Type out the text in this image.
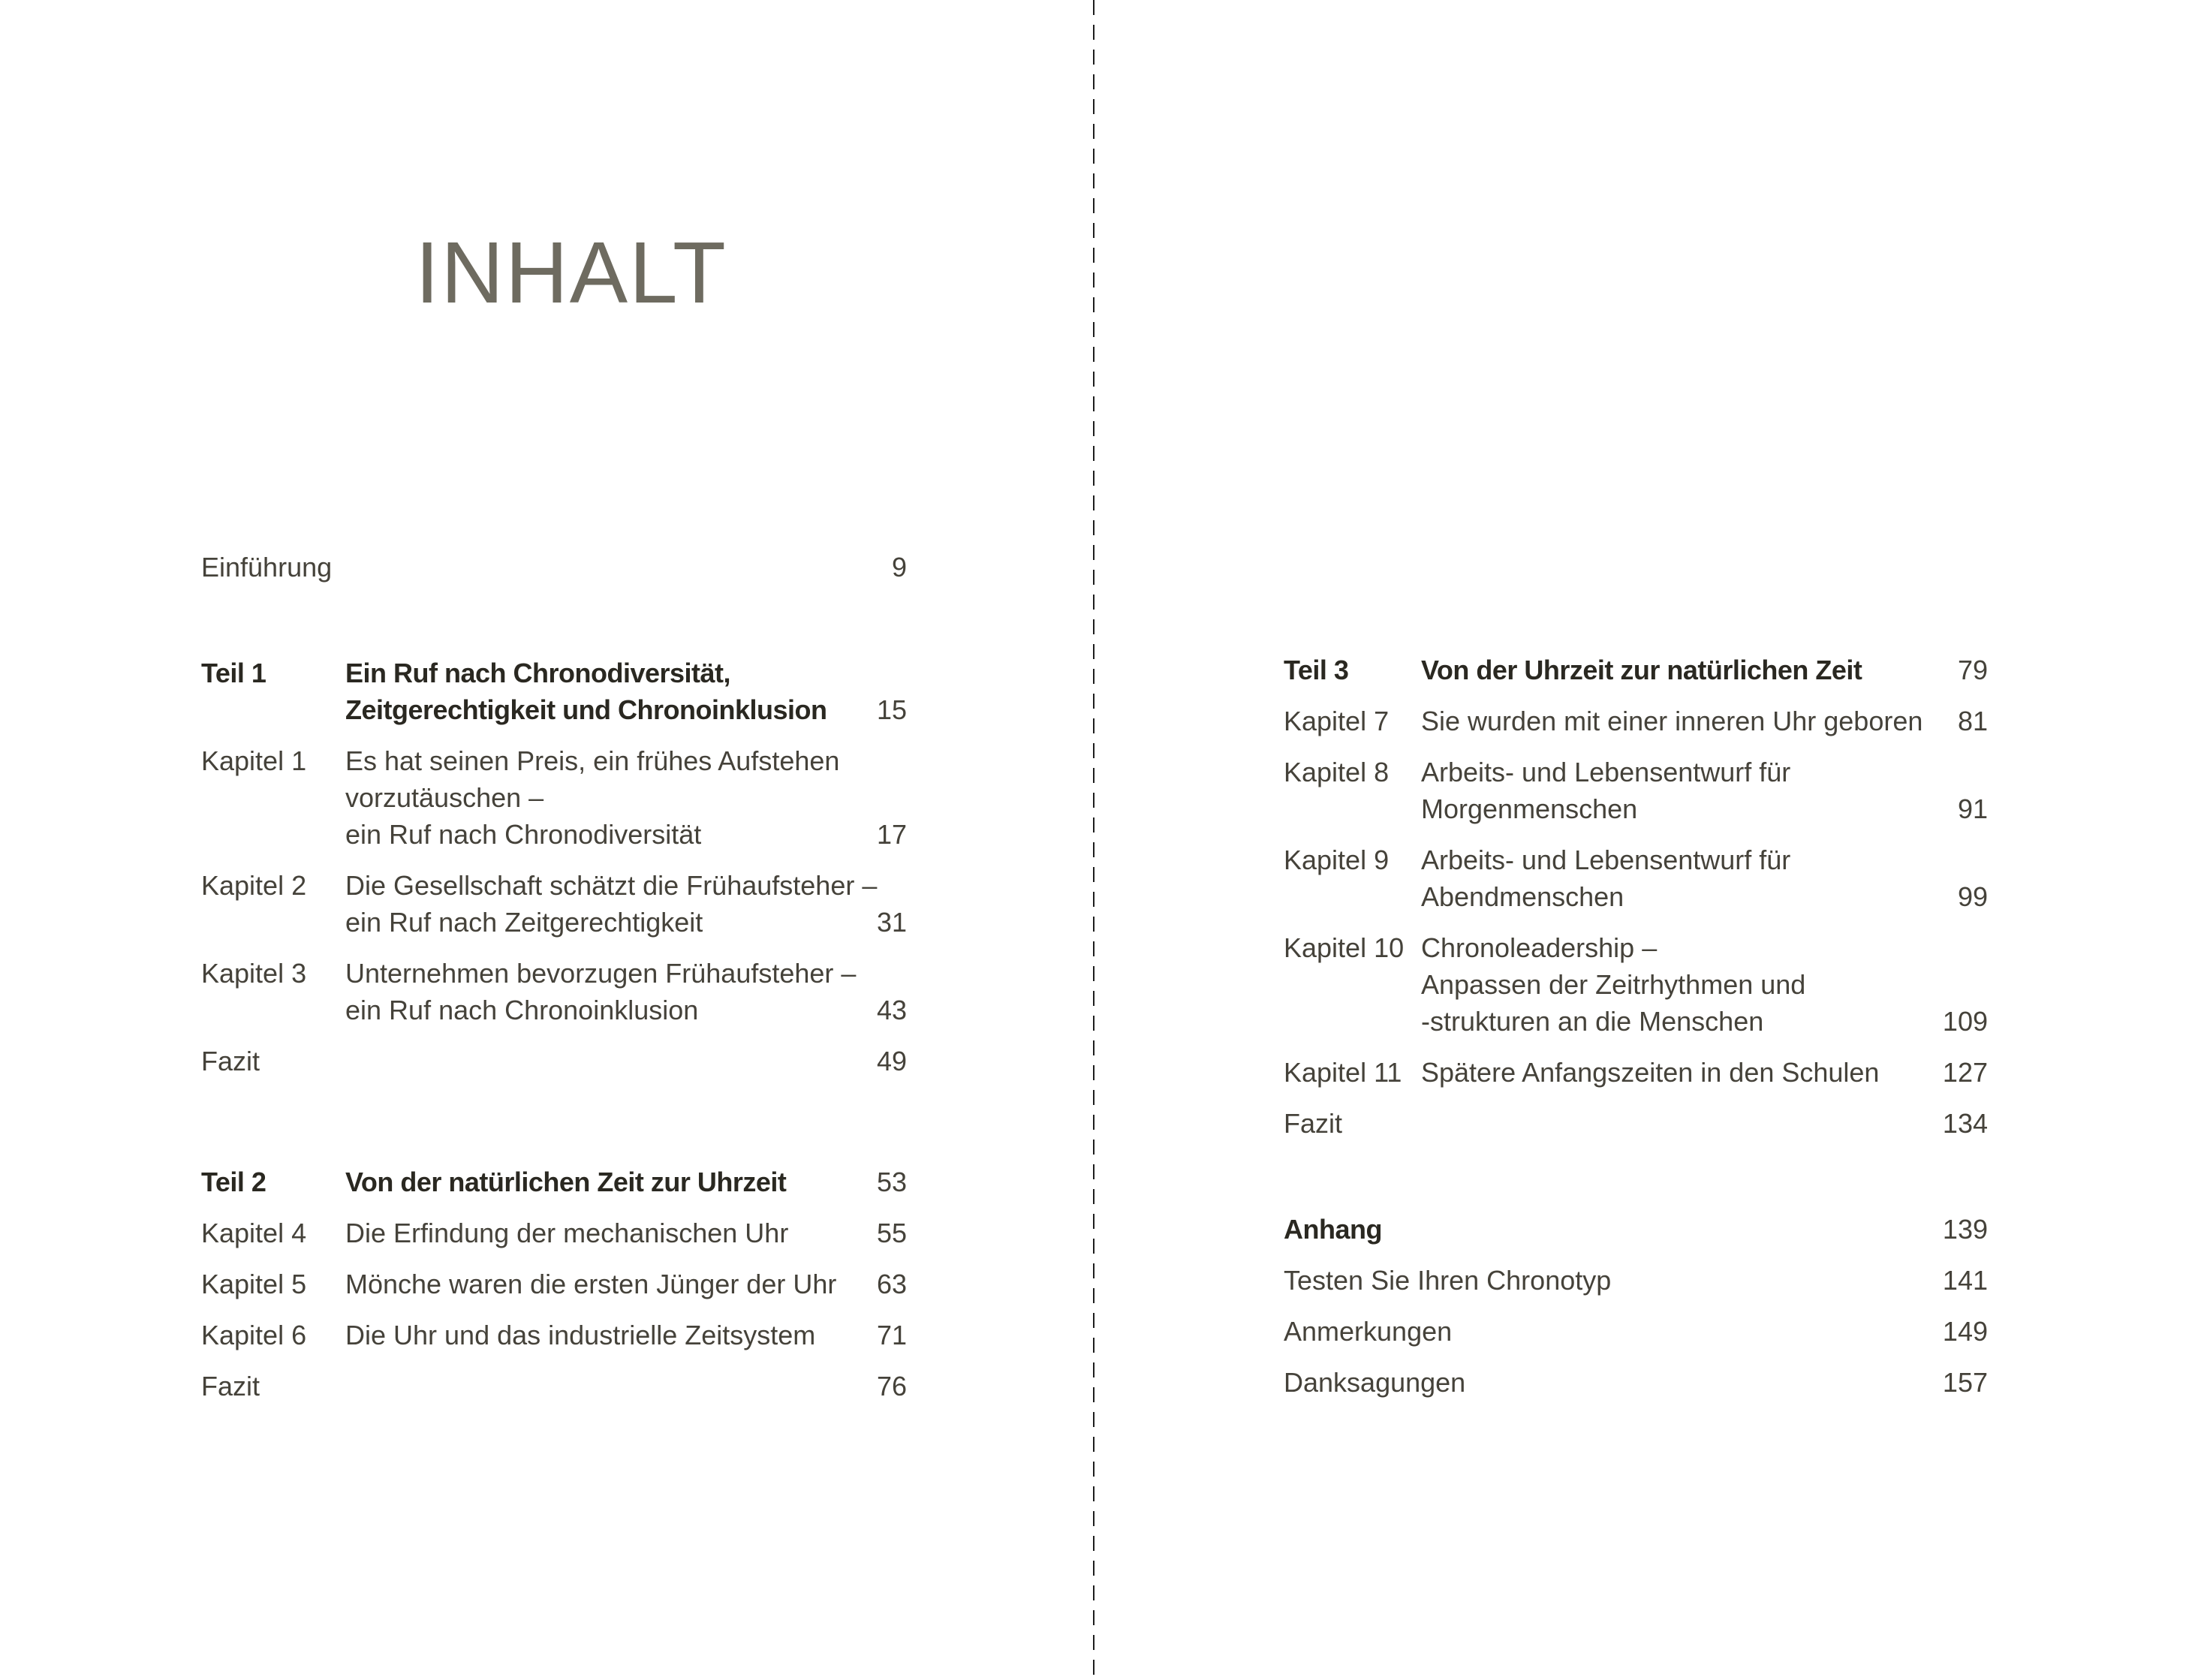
INHALT
Einführung	9
Teil 1	Ein Ruf nach Chronodiversität,
Zeitgerechtigkeit und Chronoinklusion	15
Kapitel 1	Es hat seinen Preis, ein frühes Aufstehen
vorzutäuschen –
ein Ruf nach Chronodiversität	17
Kapitel 2	Die Gesellschaft schätzt die Frühaufsteher –
ein Ruf nach Zeitgerechtigkeit	31
Kapitel 3	Unternehmen bevorzugen Frühaufsteher –
ein Ruf nach Chronoinklusion	43
Fazit	49
Teil 2	Von der natürlichen Zeit zur Uhrzeit	53
Kapitel 4	Die Erfindung der mechanischen Uhr	55
Kapitel 5	Mönche waren die ersten Jünger der Uhr	63
Kapitel 6	Die Uhr und das industrielle Zeitsystem	71
Fazit	76
Teil 3	Von der Uhrzeit zur natürlichen Zeit	79
Kapitel 7	Sie wurden mit einer inneren Uhr geboren	81
Kapitel 8	Arbeits- und Lebensentwurf für
Morgenmenschen	91
Kapitel 9	Arbeits- und Lebensentwurf für
Abendmenschen	99
Kapitel 10 Chronoleadership –
Anpassen der Zeitrhythmen und
-strukturen an die Menschen	109
Kapitel 11 Spätere Anfangszeiten in den Schulen	127
Fazit	134
Anhang	139
Testen Sie Ihren Chronotyp	141
Anmerkungen	149
Danksagungen	157
